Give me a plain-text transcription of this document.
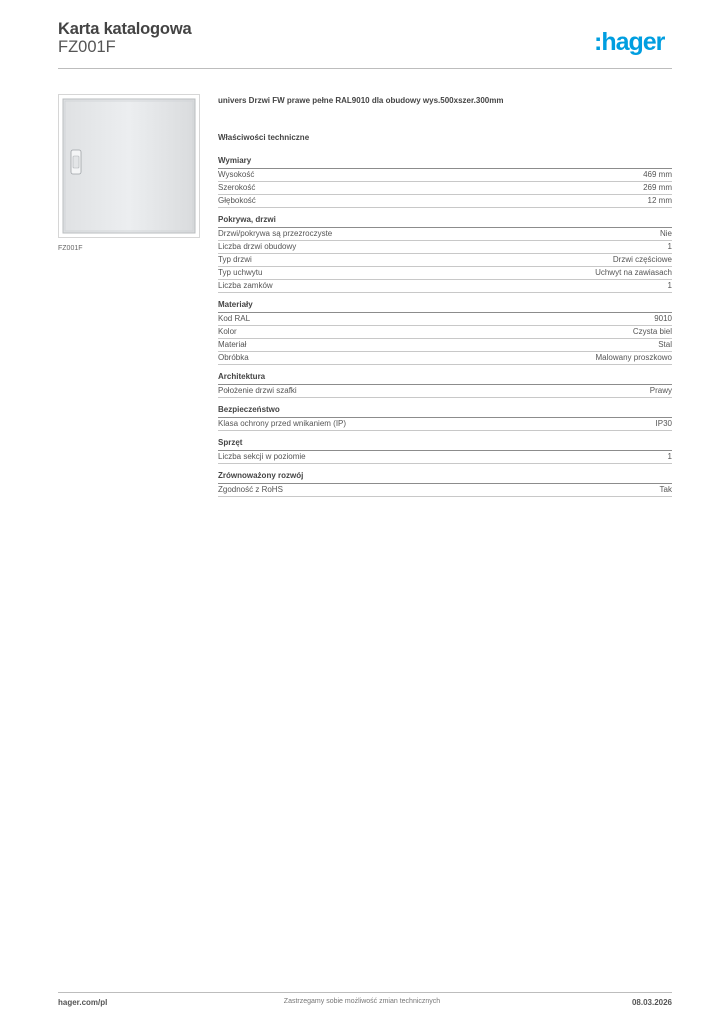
Karta katalogowa
FZ001F	:hager
FZ001F
univers Drzwi FW prawe pełne RAL9010 dla obudowy wys.500xszer.300mm
Właściwości techniczne
Wymiary
Wysokość	469 mm
Szerokość	269 mm
Głębokość	12 mm
Pokrywa, drzwi
Drzwi/pokrywa są przezroczyste	Nie
Liczba drzwi obudowy	1
Typ drzwi	Drzwi częściowe
Typ uchwytu	Uchwyt na zawiasach
Liczba zamków	1
Materiały
Kod RAL	9010
Kolor	Czysta biel
Materiał	Stal
Obróbka	Malowany proszkowo
Architektura
Położenie drzwi szafki	Prawy
Bezpieczeństwo
Klasa ochrony przed wnikaniem (IP)	IP30
Sprzęt
Liczba sekcji w poziomie	1
Zrównoważony rozwój
Zgodność z RoHS	Tak
hager.com/pl	Zastrzegamy sobie możliwość zmian technicznych	08.03.2026
